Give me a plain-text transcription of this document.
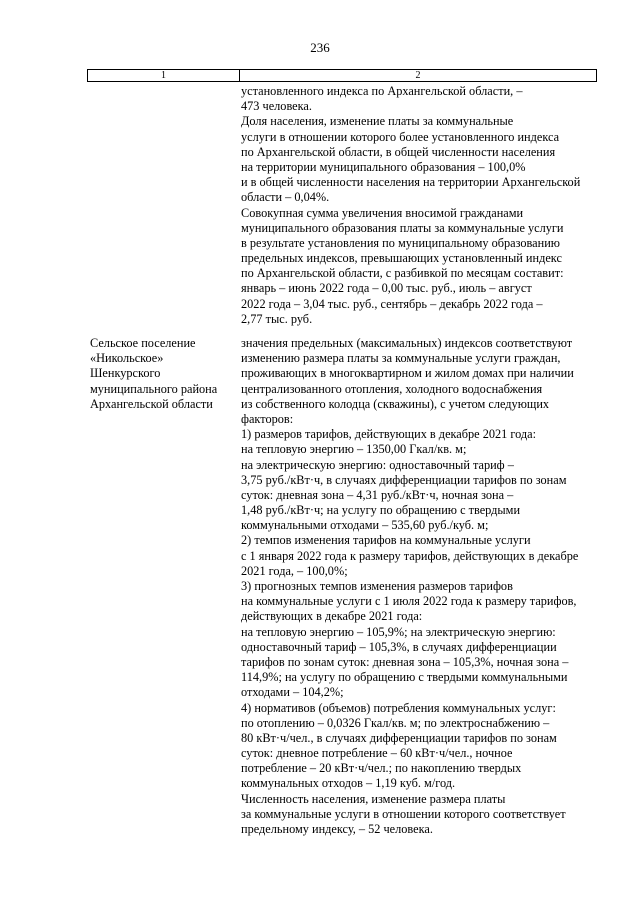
236
1	2
установленного индекса по Архангельской области, –
473 человека.
Доля населения, изменение платы за коммунальные
услуги в отношении которого более установленного индекса
по Архангельской области, в общей численности населения
на территории муниципального образования – 100,0%
и в общей численности населения на территории Архангельской
области – 0,04%.
Совокупная сумма увеличения вносимой гражданами
муниципального образования платы за коммунальные услуги
в результате установления по муниципальному образованию
предельных индексов, превышающих установленный индекс
по Архангельской области, с разбивкой по месяцам составит:
январь – июнь 2022 года – 0,00 тыс. руб., июль – август
2022 года – 3,04 тыс. руб., сентябрь – декабрь 2022 года –
2,77 тыс. руб.
Сельское поселение
«Никольское»
Шенкурского
муниципального района
Архангельской области
значения предельных (максимальных) индексов соответствуют
изменению размера платы за коммунальные услуги граждан,
проживающих в многоквартирном и жилом домах при наличии
централизованного отопления, холодного водоснабжения
из собственного колодца (скважины), с учетом следующих
факторов:
1) размеров тарифов, действующих в декабре 2021 года:
на тепловую энергию – 1350,00 Гкал/кв. м;
на электрическую энергию: одноставочный тариф –
3,75 руб./кВт·ч, в случаях дифференциации тарифов по зонам
суток: дневная зона – 4,31 руб./кВт·ч, ночная зона –
1,48 руб./кВт·ч; на услугу по обращению с твердыми
коммунальными отходами – 535,60 руб./куб. м;
2) темпов изменения тарифов на коммунальные услуги
с 1 января 2022 года к размеру тарифов, действующих в декабре
2021 года, – 100,0%;
3) прогнозных темпов изменения размеров тарифов
на коммунальные услуги с 1 июля 2022 года к размеру тарифов,
действующих в декабре 2021 года:
на тепловую энергию – 105,9%; на электрическую энергию:
одноставочный тариф – 105,3%, в случаях дифференциации
тарифов по зонам суток: дневная зона – 105,3%, ночная зона –
114,9%; на услугу по обращению с твердыми коммунальными
отходами – 104,2%;
4) нормативов (объемов) потребления коммунальных услуг:
по отоплению – 0,0326 Гкал/кв. м; по электроснабжению –
80 кВт·ч/чел., в случаях дифференциации тарифов по зонам
суток: дневное потребление – 60 кВт·ч/чел., ночное
потребление – 20 кВт·ч/чел.; по накоплению твердых
коммунальных отходов – 1,19 куб. м/год.
Численность населения, изменение размера платы
за коммунальные услуги в отношении которого соответствует
предельному индексу, – 52 человека.
